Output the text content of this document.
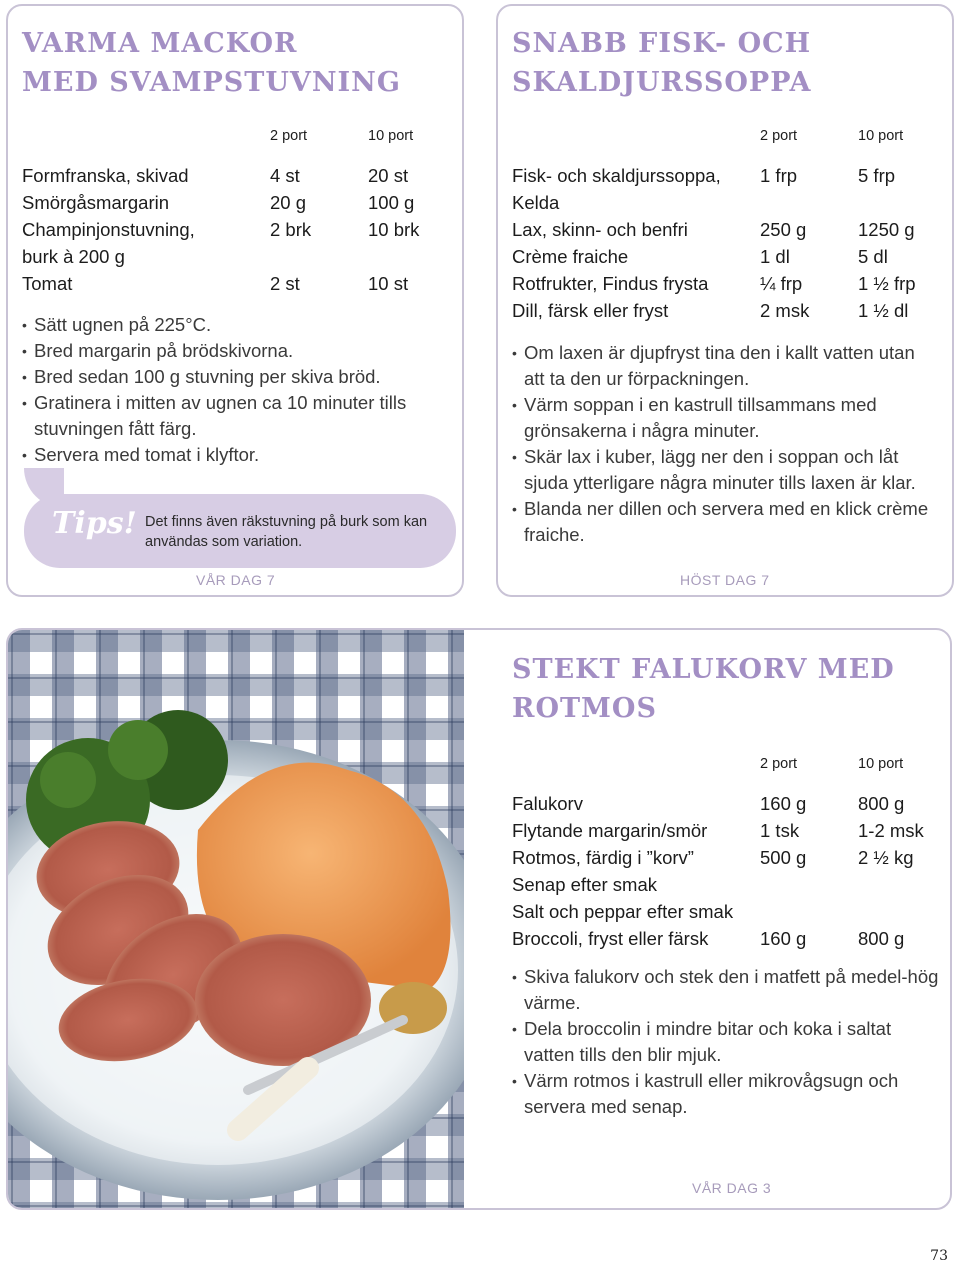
VARMA MACKOR
MED SVAMPSTUVNING
2 port	10 port
Formfranska, skivad	4 st	20 st
Smörgåsmargarin	20 g	100 g
Champinjonstuvning,	2 brk	10 brk
burk à 200 g
Tomat	2 st	10 st
• Sätt ugnen på 225°C.
• Bred margarin på brödskivorna.
• Bred sedan 100 g stuvning per skiva bröd.
• Gratinera i mitten av ugnen ca 10 minuter tills stuvningen fått färg.
• Servera med tomat i klyftor.
Tips! Det finns även räkstuvning på burk som kan användas som variation.
VÅR DAG 7
SNABB FISK- OCH
SKALDJURSSOPPA
2 port	10 port
Fisk- och skaldjurssoppa, 1 frp	5 frp
Kelda
Lax, skinn- och benfri	250 g	1250 g
Crème fraiche	1 dl	5 dl
Rotfrukter, Findus frysta	¼ frp	1 ½ frp
Dill, färsk eller fryst	2 msk	1 ½ dl
• Om laxen är djupfryst tina den i kallt vatten utan att ta den ur förpackningen.
• Värm soppan i en kastrull tillsammans med grönsakerna i några minuter.
• Skär lax i kuber, lägg ner den i soppan och låt sjuda ytterligare några minuter tills laxen är klar.
• Blanda ner dillen och servera med en klick crème fraiche.
HÖST DAG 7
STEKT FALUKORV MED
ROTMOS
2 port	10 port
Falukorv	160 g	800 g
Flytande margarin/smör	1 tsk	1-2 msk
Rotmos, färdig i ”korv”	500 g	2 ½ kg
Senap efter smak
Salt och peppar efter smak
Broccoli, fryst eller färsk	160 g	800 g
• Skiva falukorv och stek den i matfett på medel-hög värme.
• Dela broccolin i mindre bitar och koka i saltat vatten tills den blir mjuk.
• Värm rotmos i kastrull eller mikrovågsugn och servera med senap.
VÅR DAG 3
73
